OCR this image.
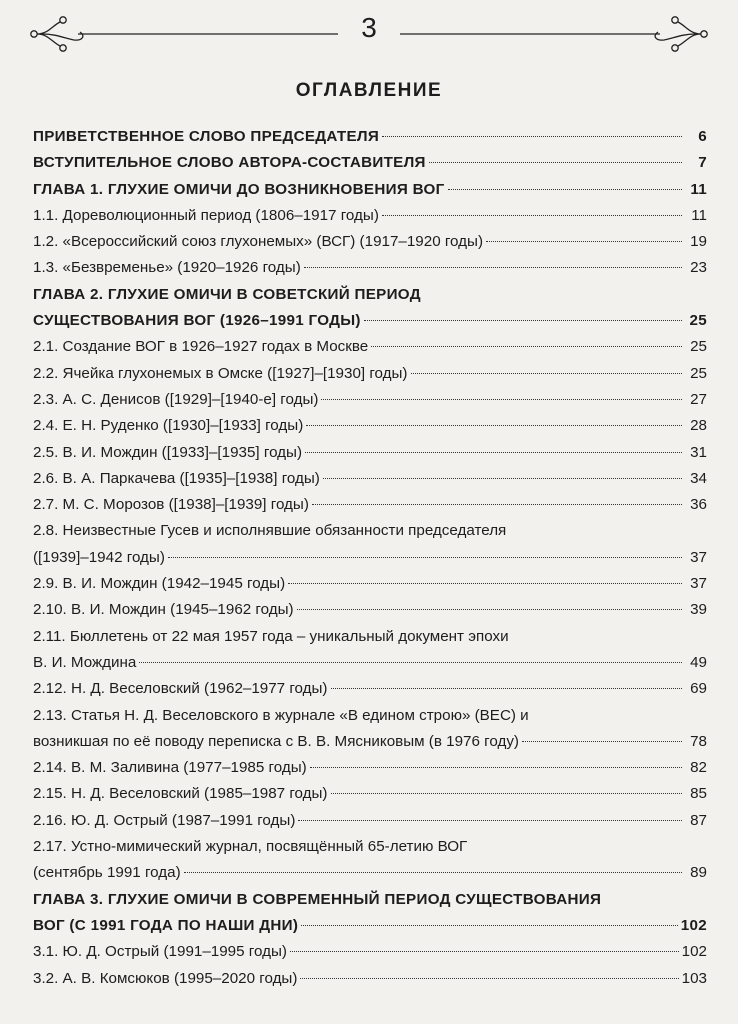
3
ОГЛАВЛЕНИЕ
ПРИВЕТСТВЕННОЕ СЛОВО ПРЕДСЕДАТЕЛЯ	6
ВСТУПИТЕЛЬНОЕ СЛОВО АВТОРА-СОСТАВИТЕЛЯ	7
ГЛАВА 1. ГЛУХИЕ ОМИЧИ ДО ВОЗНИКНОВЕНИЯ ВОГ	11
1.1. Дореволюционный период (1806–1917 годы)	11
1.2. «Всероссийский союз глухонемых» (ВСГ) (1917–1920 годы)	19
1.3. «Безвременье» (1920–1926 годы)	23
ГЛАВА 2. ГЛУХИЕ ОМИЧИ В СОВЕТСКИЙ ПЕРИОД
СУЩЕСТВОВАНИЯ ВОГ (1926–1991 ГОДЫ)	25
2.1. Создание ВОГ в 1926–1927 годах в Москве	25
2.2. Ячейка глухонемых в Омске ([1927]–[1930] годы)	25
2.3. А. С. Денисов ([1929]–[1940-е] годы)	27
2.4. Е. Н. Руденко ([1930]–[1933] годы)	28
2.5. В. И. Мождин ([1933]–[1935] годы)	31
2.6. В. А. Паркачева ([1935]–[1938] годы)	34
2.7. М. С. Морозов ([1938]–[1939] годы)	36
2.8. Неизвестные Гусев и исполнявшие обязанности председателя
([1939]–1942 годы)	37
2.9. В. И. Мождин (1942–1945 годы)	37
2.10. В. И. Мождин (1945–1962 годы)	39
2.11. Бюллетень от 22 мая 1957 года – уникальный документ эпохи
В. И. Мождина	49
2.12. Н. Д. Веселовский (1962–1977 годы)	69
2.13. Статья Н. Д. Веселовского в журнале «В едином строю» (ВЕС) и
возникшая по её поводу переписка с В. В. Мясниковым (в 1976 году)	78
2.14. В. М. Заливина (1977–1985 годы)	82
2.15. Н. Д. Веселовский (1985–1987 годы)	85
2.16. Ю. Д. Острый (1987–1991 годы)	87
2.17. Устно-мимический журнал, посвящённый 65-летию ВОГ
(сентябрь 1991 года)	89
ГЛАВА 3. ГЛУХИЕ ОМИЧИ В СОВРЕМЕННЫЙ ПЕРИОД СУЩЕСТВОВАНИЯ
ВОГ (С 1991 ГОДА ПО НАШИ ДНИ)	102
3.1. Ю. Д. Острый (1991–1995 годы)	102
3.2. А. В. Комсюков (1995–2020 годы)	103
